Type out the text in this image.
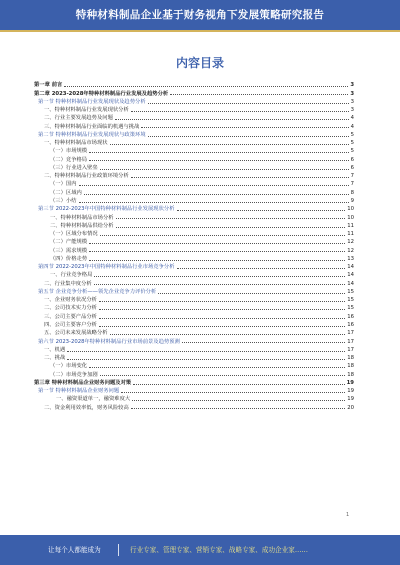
特种材料制品企业基于财务视角下发展策略研究报告
内容目录
第一章 前言	3
第二章 2023-2028年特种材料制品行业发展及趋势分析	3
第一节 特种材料制品行业发展现状及趋势分析	3
一、特种材料制品行业发展现状分析	3
二、行业主要发展趋势及问题	4
三、特种材料制品行业面临的机遇与挑战	4
第二节 特种材料制品行业发展现状与政策环境	5
一、特种材料制品市场现状	5
（一）市场规模	5
（二）竞争格局	6
（三）行业进入壁垒	6
二、特种材料制品行业政策环境分析	7
（一）国内	7
（二）区域内	8
（三）小结	9
第三节 2022-2023年中国特种材料制品行业发展现状分析	10
一、特种材料制品市场分析	10
二、特种材料制品供给分析	11
（一）区域分布情况	11
（二）产能规模	12
（三）需求规模	12
（四）价格走势	13
第四节 2022-2023年中国特种材料制品行业市场竞争分析	14
一、行业竞争格局	14
二、行业集中度分析	14
第五节 企业竞争分析——领先企业竞争力评价分析	15
一、企业财务状况分析	15
二、公司技术实力分析	15
三、公司主要产品分析	16
四、公司主要客户分析	16
五、公司未来发展战略分析	17
第六节 2023-2028年特种材料制品行业市场前景及趋势预测	17
一、机遇	17
二、挑战	18
（一）市场变化	18
（二）市场竞争加剧	18
第三章 特种材料制品企业财务问题及对策	19
第一节 特种材料制品企业财务问题	19
一、融资渠道单一，融资难度大	19
二、资金利用效率低，财务风险较高	20
1
让每个人都能成为	行业专家、管理专家、营销专家、战略专家、成功企业家……
